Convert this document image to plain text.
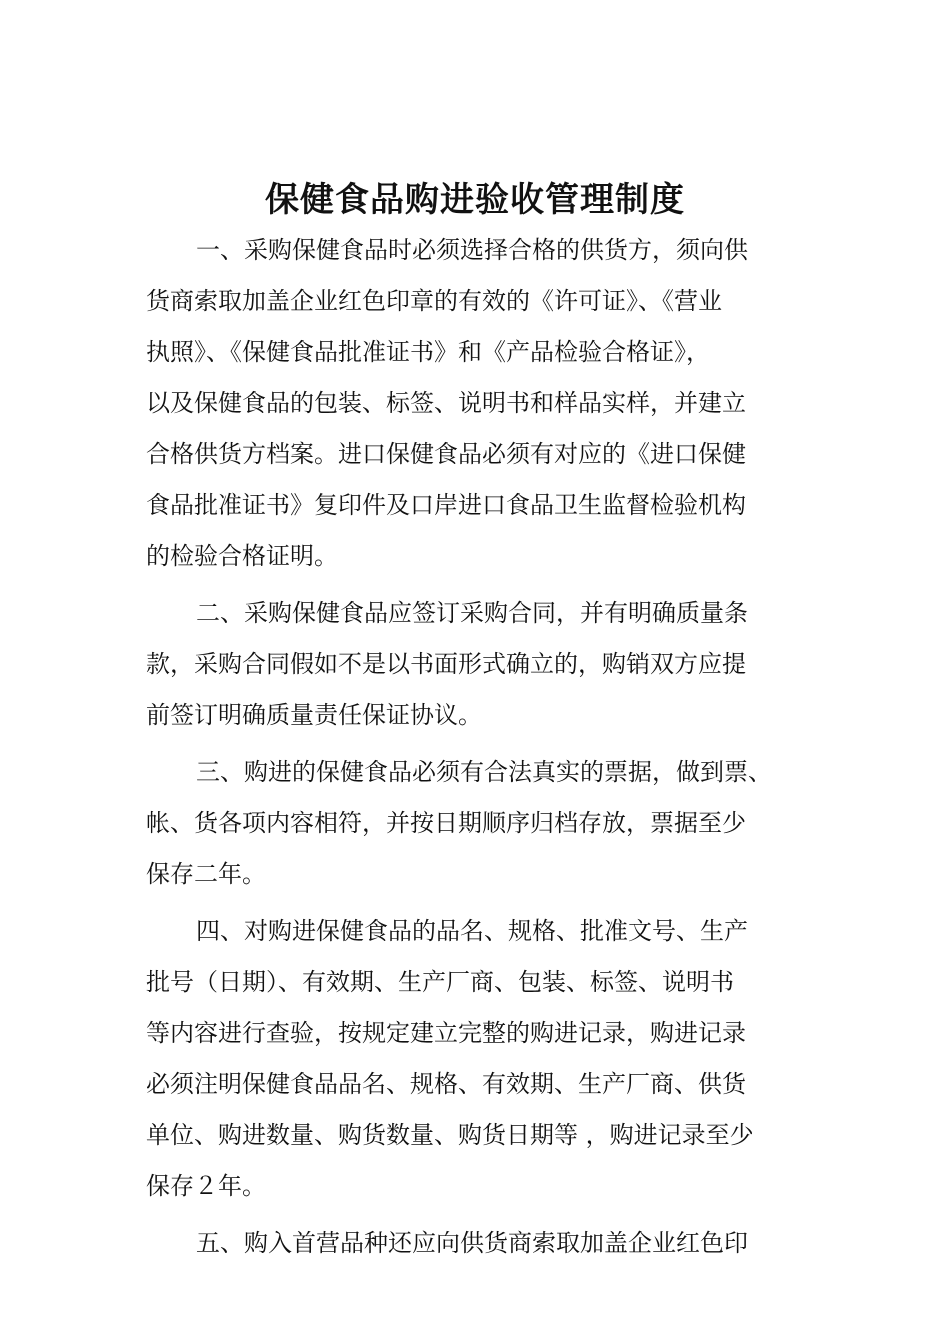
保健食品购进验收管理制度

一、采购保健食品时必须选择合格的供货方，须向供
货商索取加盖企业红色印章的有效的《许可证》、《营业
执照》、《保健食品批准证书》和《产品检验合格证》，
以及保健食品的包装、标签、说明书和样品实样，并建立
合格供货方档案。进口保健食品必须有对应的《进口保健
食品批准证书》复印件及口岸进口食品卫生监督检验机构
的检验合格证明。

二、采购保健食品应签订采购合同，并有明确质量条
款，采购合同假如不是以书面形式确立的，购销双方应提
前签订明确质量责任保证协议。

三、购进的保健食品必须有合法真实的票据，做到票、
帐、货各项内容相符，并按日期顺序归档存放，票据至少
保存二年。

四、对购进保健食品的品名、规格、批准文号、生产
批号（日期）、有效期、生产厂商、包装、标签、说明书
等内容进行查验，按规定建立完整的购进记录，购进记录
必须注明保健食品品名、规格、有效期、生产厂商、供货
单位、购进数量、购货数量、购货日期等 ，购进记录至少
保存２年。

五、购入首营品种还应向供货商索取加盖企业红色印
